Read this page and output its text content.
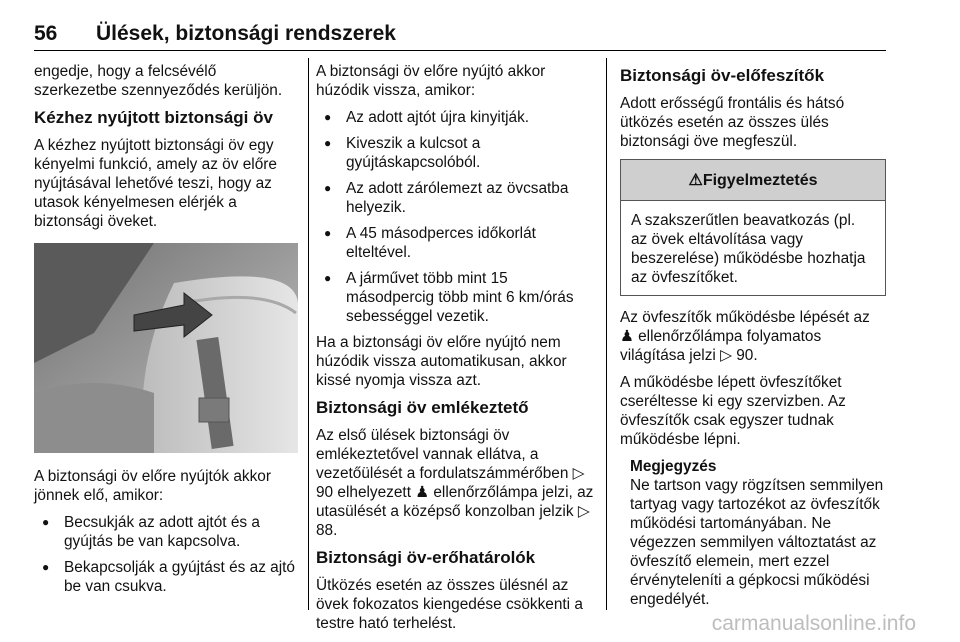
56 Ülések, biztonsági rendszerek

engedje, hogy a felcsévélő szerkezetbe szennyeződés kerüljön.

Kézhez nyújtott biztonsági öv

A kézhez nyújtott biztonsági öv egy kényelmi funkció, amely az öv előre nyújtásával lehetővé teszi, hogy az utasok kényelmesen elérjék a biztonsági öveket.

A biztonsági öv előre nyújtók akkor jönnek elő, amikor:

● Becsukják az adott ajtót és a gyújtás be van kapcsolva.
● Bekapcsolják a gyújtást és az ajtó be van csukva.

A biztonsági öv előre nyújtó akkor húzódik vissza, amikor:

● Az adott ajtót újra kinyitják.
● Kiveszik a kulcsot a gyújtáskapcsolóból.
● Az adott zárólemezt az övcsatba helyezik.
● A 45 másodperces időkorlát elteltével.
● A járművet több mint 15 másodpercig több mint 6 km/órás sebességgel vezetik.

Ha a biztonsági öv előre nyújtó nem húzódik vissza automatikusan, akkor kissé nyomja vissza azt.

Biztonsági öv emlékeztető

Az első ülések biztonsági öv emlékeztetővel vannak ellátva, a vezetőülését a fordulatszámmérőben ▷ 90 elhelyezett ♟ ellenőrzőlámpa jelzi, az utasülését a középső konzolban jelzik ▷ 88.

Biztonsági öv-erőhatárolók

Ütközés esetén az összes ülésnél az övek fokozatos kiengedése csökkenti a testre ható terhelést.

Biztonsági öv-előfeszítők

Adott erősségű frontális és hátsó ütközés esetén az összes ülés biztonsági öve megfeszül.

⚠ Figyelmeztetés
A szakszerűtlen beavatkozás (pl. az övek eltávolítása vagy beszerelése) működésbe hozhatja az övfeszítőket.

Az övfeszítők működésbe lépését az ♟ ellenőrzőlámpa folyamatos világítása jelzi ▷ 90.

A működésbe lépett övfeszítőket cseréltesse ki egy szervizben. Az övfeszítők csak egyszer tudnak működésbe lépni.

Megjegyzés
Ne tartson vagy rögzítsen semmilyen tartyag vagy tartozékot az övfeszítők működési tartományában. Ne végezzen semmilyen változtatást az övfeszítő elemein, mert ezzel érvényteleníti a gépkocsi működési engedélyét.
carmanualsonline.info
